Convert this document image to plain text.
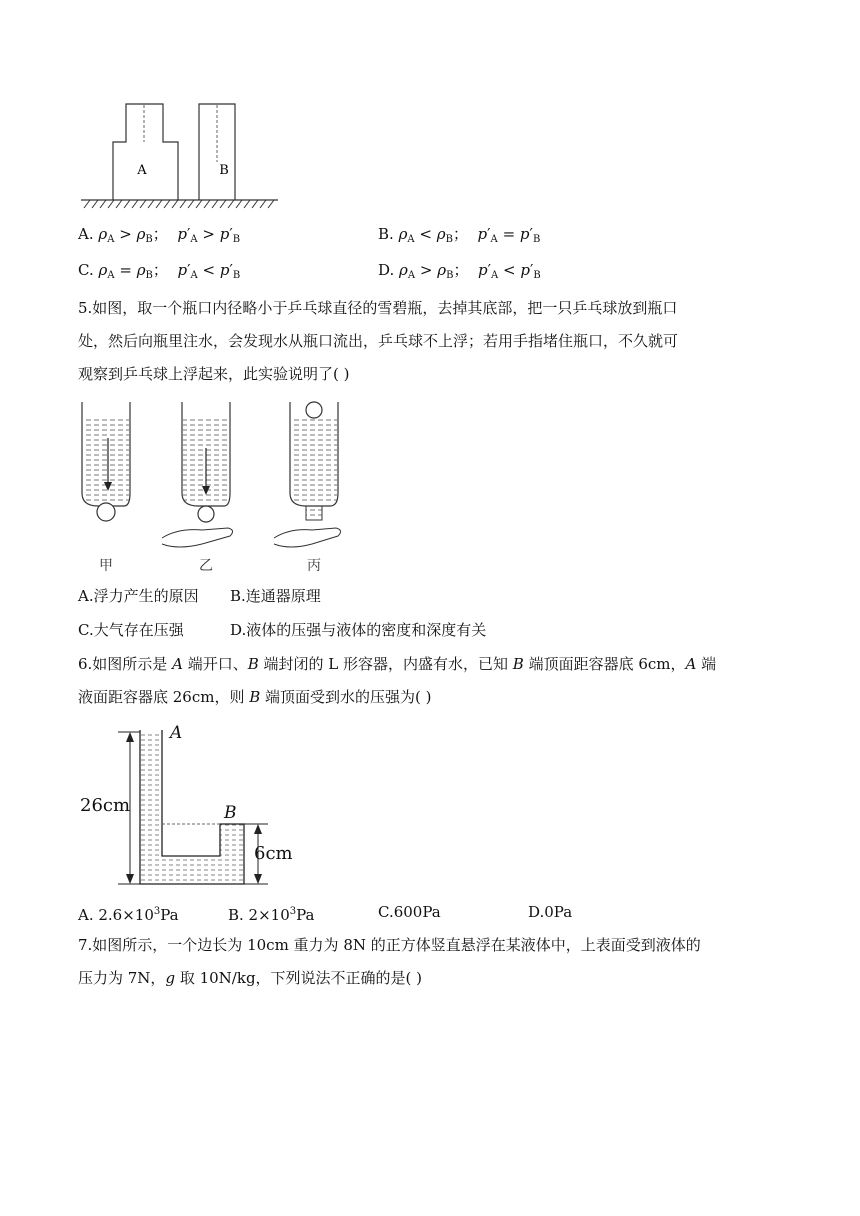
A	B
A. $\rho_A > \rho_B$； $p'_A > p'_B$	B. $\rho_A < \rho_B$； $p'_A = p'_B$
C. $\rho_A = \rho_B$； $p'_A < p'_B$	D. $\rho_A > \rho_B$； $p'_A < p'_B$
5.如图，取一个瓶口内径略小于乒乓球直径的雪碧瓶，去掉其底部，把一只乒乓球放到瓶口
处，然后向瓶里注水，会发现水从瓶口流出，乒乓球不上浮；若用手指堵住瓶口，不久就可
观察到乒乓球上浮起来，此实验说明了( )
甲	乙	丙
A.浮力产生的原因 B.连通器原理
C.大气存在压强	D.液体的压强与液体的密度和深度有关
6.如图所示是 A 端开口、B 端封闭的 L 形容器，内盛有水，已知 B 端顶面距容器底 6cm，A 端
液面距容器底 26cm，则 B 端顶面受到水的压强为( )
A
B
26cm
6cm
A. $2.6\times 10^3Pa$	B. $2\times 10^3Pa$	C.600Pa	D.0Pa
7.如图所示，一个边长为 10cm 重力为 8N 的正方体竖直悬浮在某液体中，上表面受到液体的
压力为 7N，g 取 10N/kg，下列说法不正确的是( )
